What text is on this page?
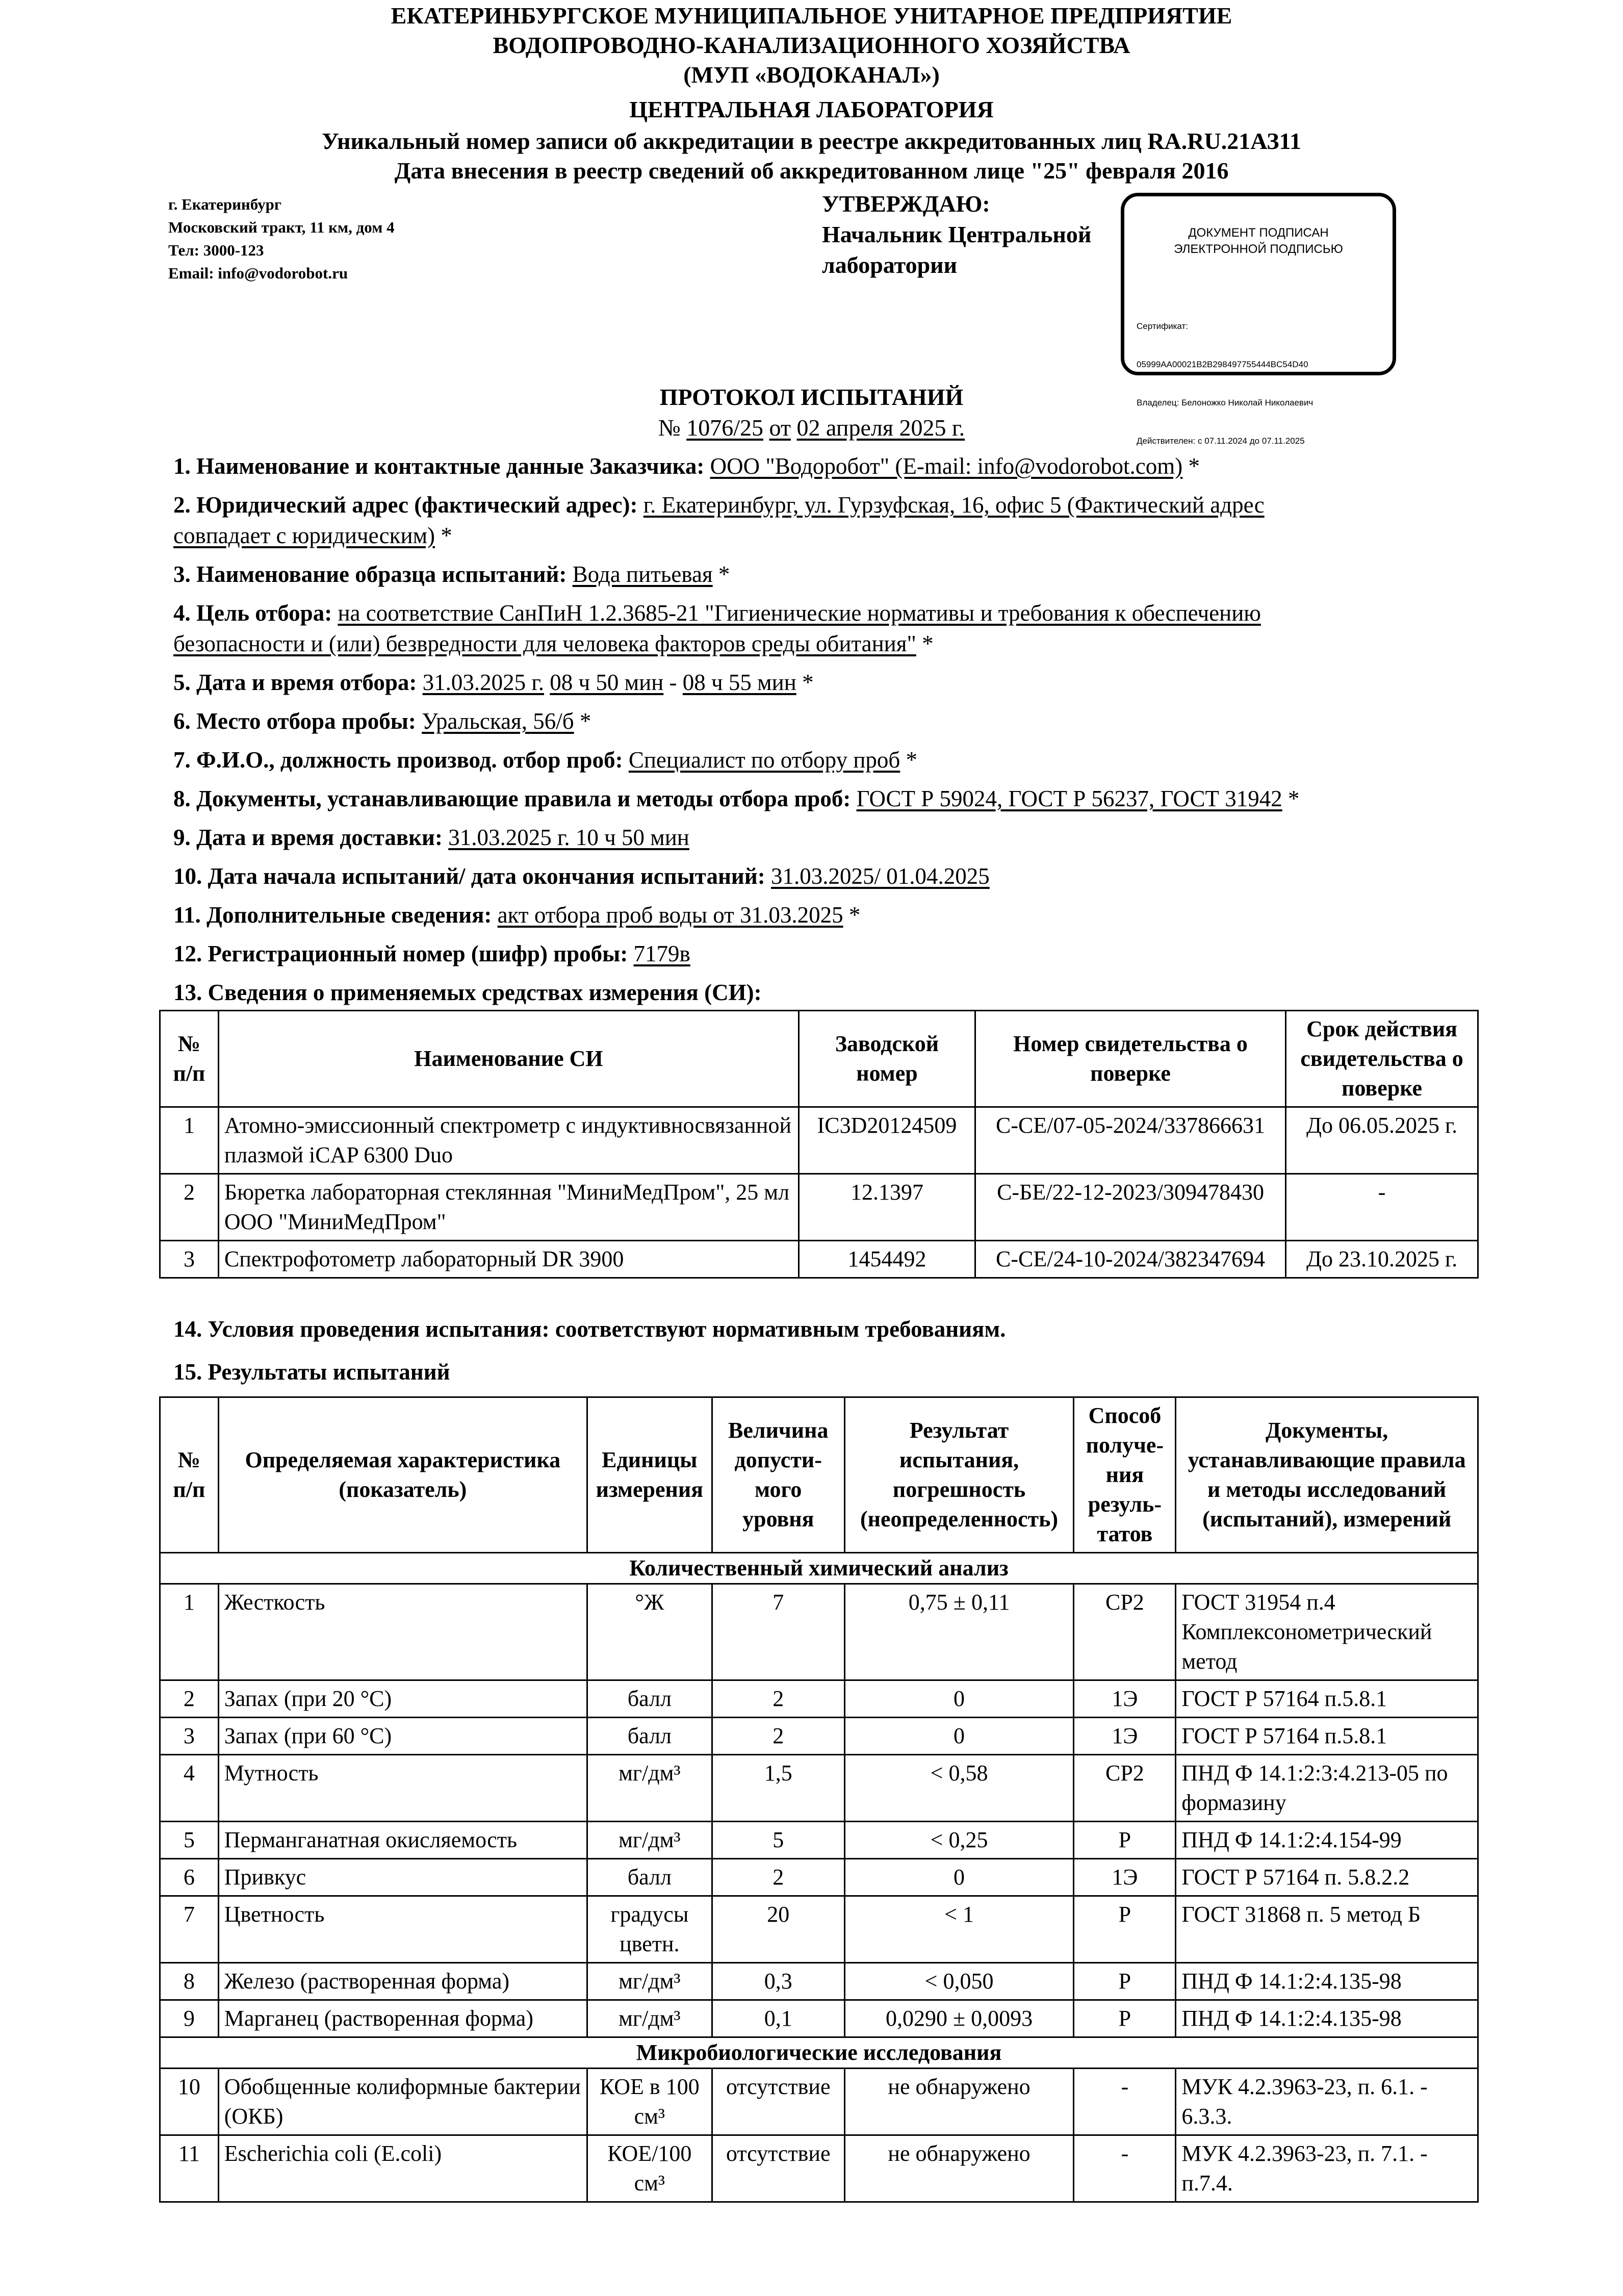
ЕКАТЕРИНБУРГСКОЕ МУНИЦИПАЛЬНОЕ УНИТАРНОЕ ПРЕДПРИЯТИЕ
ВОДОПРОВОДНО-КАНАЛИЗАЦИОННОГО ХОЗЯЙСТВА
(МУП «ВОДОКАНАЛ»)
ЦЕНТРАЛЬНАЯ ЛАБОРАТОРИЯ
Уникальный номер записи об аккредитации в реестре аккредитованных лиц RA.RU.21АЗ11
Дата внесения в реестр сведений об аккредитованном лице "25" февраля 2016
г. Екатеринбург
Московский тракт, 11 км, дом 4
Тел: 3000-123
Email: info@vodorobot.ru
УТВЕРЖДАЮ:
Начальник Центральной
лаборатории
ДОКУМЕНТ ПОДПИСАН
ЭЛЕКТРОННОЙ ПОДПИСЬЮ

Сертификат:

05999AA00021B2B298497755444BC54D40

Владелец: Белоножко Николай Николаевич

Действителен: с 07.11.2024 до 07.11.2025

ПРОТОКОЛ ИСПЫТАНИЙ
№ 1076/25 от 02 апреля 2025 г.
1. Наименование и контактные данные Заказчика: ООО "Водоробот" (E-mail: info@vodorobot.com) *
2. Юридический адрес (фактический адрес): г. Екатеринбург, ул. Гурзуфская, 16, офис 5 (Фактический адрес
совпадает с юридическим) *
3. Наименование образца испытаний: Вода питьевая *
4. Цель отбора: на соответствие СанПиН 1.2.3685-21 "Гигиенические нормативы и требования к обеспечению
безопасности и (или) безвредности для человека факторов среды обитания" *
5. Дата и время отбора: 31.03.2025 г. 08 ч 50 мин - 08 ч 55 мин *
6. Место отбора пробы: Уральская, 56/б *
7. Ф.И.О., должность производ. отбор проб: Специалист по отбору проб *
8. Документы, устанавливающие правила и методы отбора проб: ГОСТ Р 59024, ГОСТ Р 56237, ГОСТ 31942 *
9. Дата и время доставки: 31.03.2025 г. 10 ч 50 мин
10. Дата начала испытаний/ дата окончания испытаний: 31.03.2025/ 01.04.2025
11. Дополнительные сведения: акт отбора проб воды от 31.03.2025 *
12. Регистрационный номер (шифр) пробы: 7179в
13. Сведения о применяемых средствах измерения (СИ):
№
п/п	Наименование СИ	Заводской номер	Номер свидетельства о поверке	Срок действия свидетельства о поверке
1	Атомно-эмиссионный спектрометр с индуктивносвязанной плазмой iCAP 6300 Duo	IC3D20124509	С-СЕ/07-05-2024/337866631	До 06.05.2025 г.
2	Бюретка лабораторная стеклянная "МиниМедПром", 25 мл ООО "МиниМедПром"	12.1397	С-БЕ/22-12-2023/309478430	-
3	Спектрофотометр лабораторный DR 3900	1454492	С-СЕ/24-10-2024/382347694	До 23.10.2025 г.
14. Условия проведения испытания: соответствуют нормативным требованиям.
15. Результаты испытаний
№
п/п	Определяемая характеристика (показатель)	Единицы измерения	Величина допусти-мого уровня	Результат испытания, погрешность (неопределенность)	Способ получе-ния резуль-татов	Документы, устанавливающие правила и методы исследований (испытаний), измерений
Количественный химический анализ						
1	Жесткость	°Ж	7	0,75 ± 0,11	СР2	ГОСТ 31954 п.4 Комплексонометрический метод
2	Запах (при 20 °С)	балл	2	0	1Э	ГОСТ Р 57164 п.5.8.1
3	Запах (при 60 °С)	балл	2	0	1Э	ГОСТ Р 57164 п.5.8.1
4	Мутность	мг/дм³	1,5	< 0,58	СР2	ПНД Ф 14.1:2:3:4.213-05 по формазину
5	Перманганатная окисляемость	мг/дм³	5	< 0,25	Р	ПНД Ф 14.1:2:4.154-99
6	Привкус	балл	2	0	1Э	ГОСТ Р 57164 п. 5.8.2.2
7	Цветность	градусы цветн.	20	< 1	Р	ГОСТ 31868 п. 5 метод Б
8	Железо (растворенная форма)	мг/дм³	0,3	< 0,050	Р	ПНД Ф 14.1:2:4.135-98
9	Марганец (растворенная форма)	мг/дм³	0,1	0,0290 ± 0,0093	Р	ПНД Ф 14.1:2:4.135-98
Микробиологические исследования						
10	Обобщенные колиформные бактерии (ОКБ)	КОЕ в 100 см³	отсутствие	не обнаружено	-	МУК 4.2.3963-23, п. 6.1. - 6.3.3.
11	Escherichia coli (E.coli)	КОЕ/100 см³	отсутствие	не обнаружено	-	МУК 4.2.3963-23, п. 7.1. - п.7.4.
